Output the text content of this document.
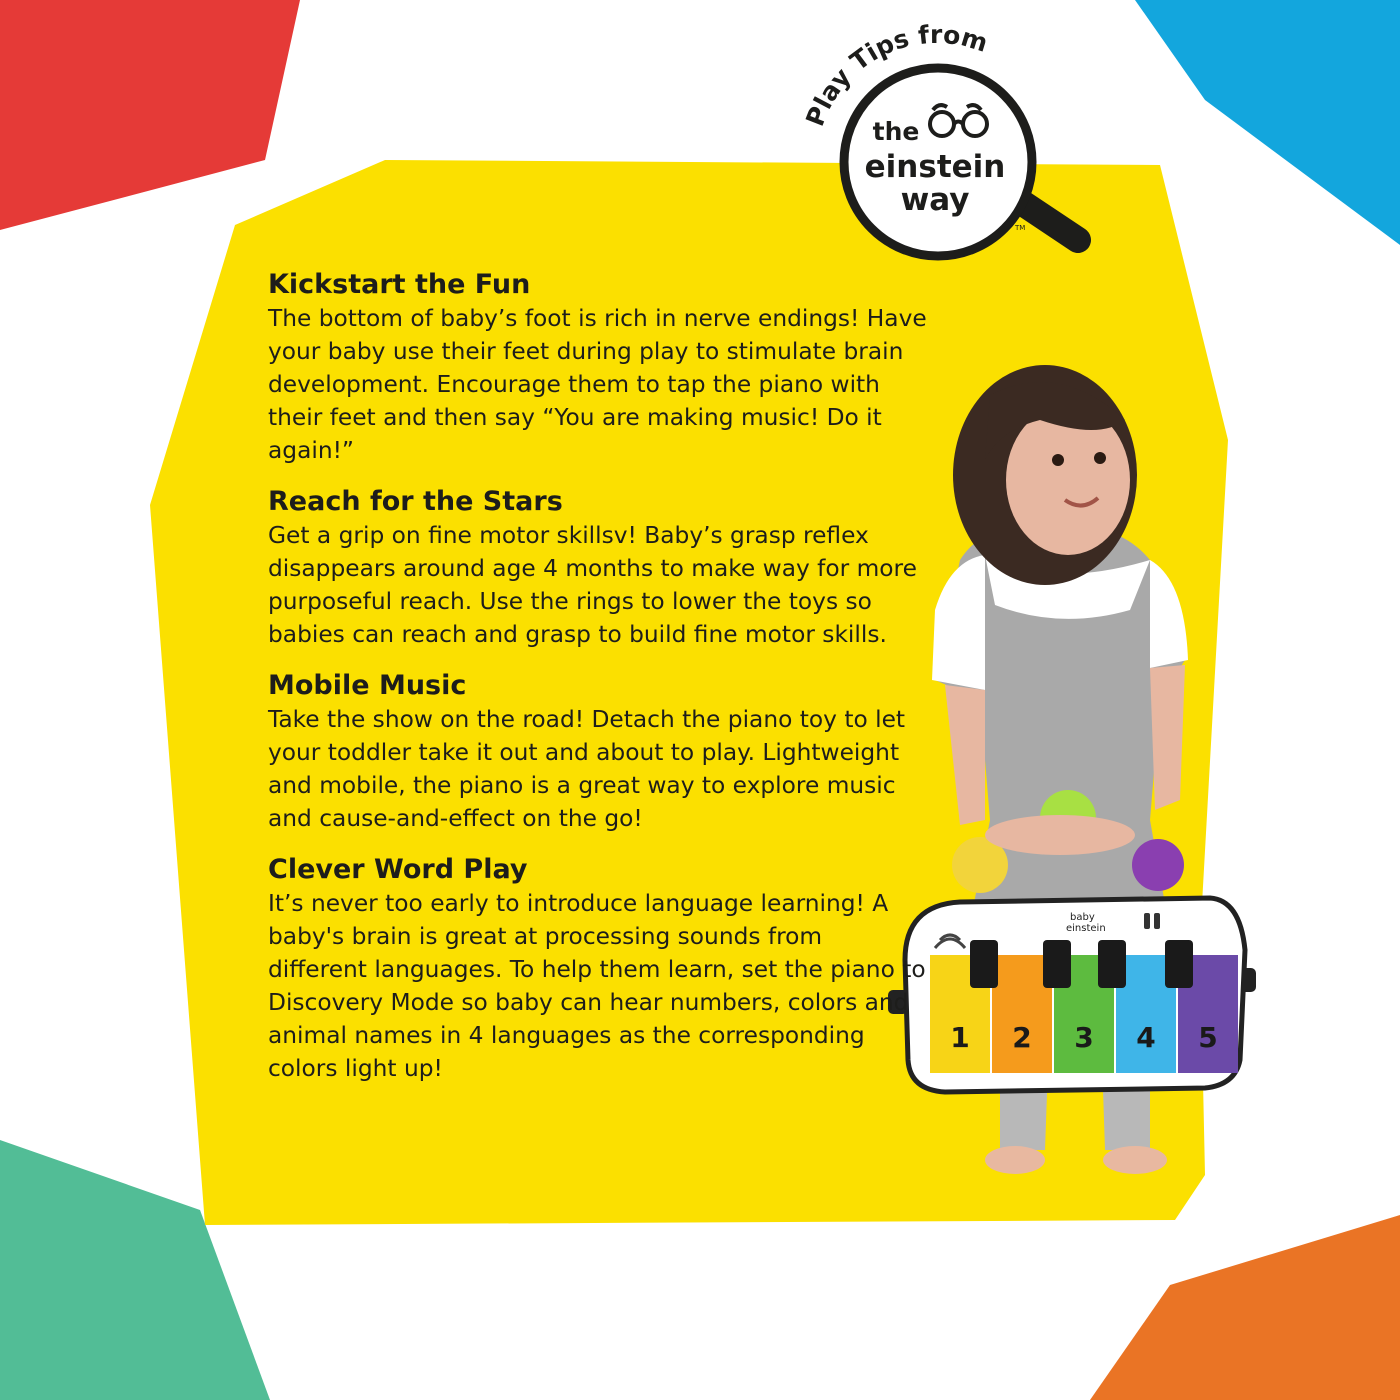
Play Tips from
the
einstein
way
TM
1 2 3 4 5
baby
einstein
Kickstart the Fun

The bottom of baby’s foot is rich in nerve endings! Have your baby use their feet during play to stimulate brain development. Encourage them to tap the piano with their feet and then say “You are making music! Do it again!”

Reach for the Stars

Get a grip on fine motor skillsv! Baby’s grasp reflex disappears around age 4 months to make way for more purposeful reach. Use the rings to lower the toys so babies can reach and grasp to build fine motor skills.

Mobile Music

Take the show on the road! Detach the piano toy to let your toddler take it out and about to play. Lightweight and mobile, the piano is a great way to explore music and cause-and-effect on the go!

Clever Word Play

It’s never too early to introduce language learning! A baby's brain is great at processing sounds from different languages. To help them learn, set the piano to Discovery Mode so baby can hear numbers, colors and animal names in 4 languages as the corresponding colors light up!
